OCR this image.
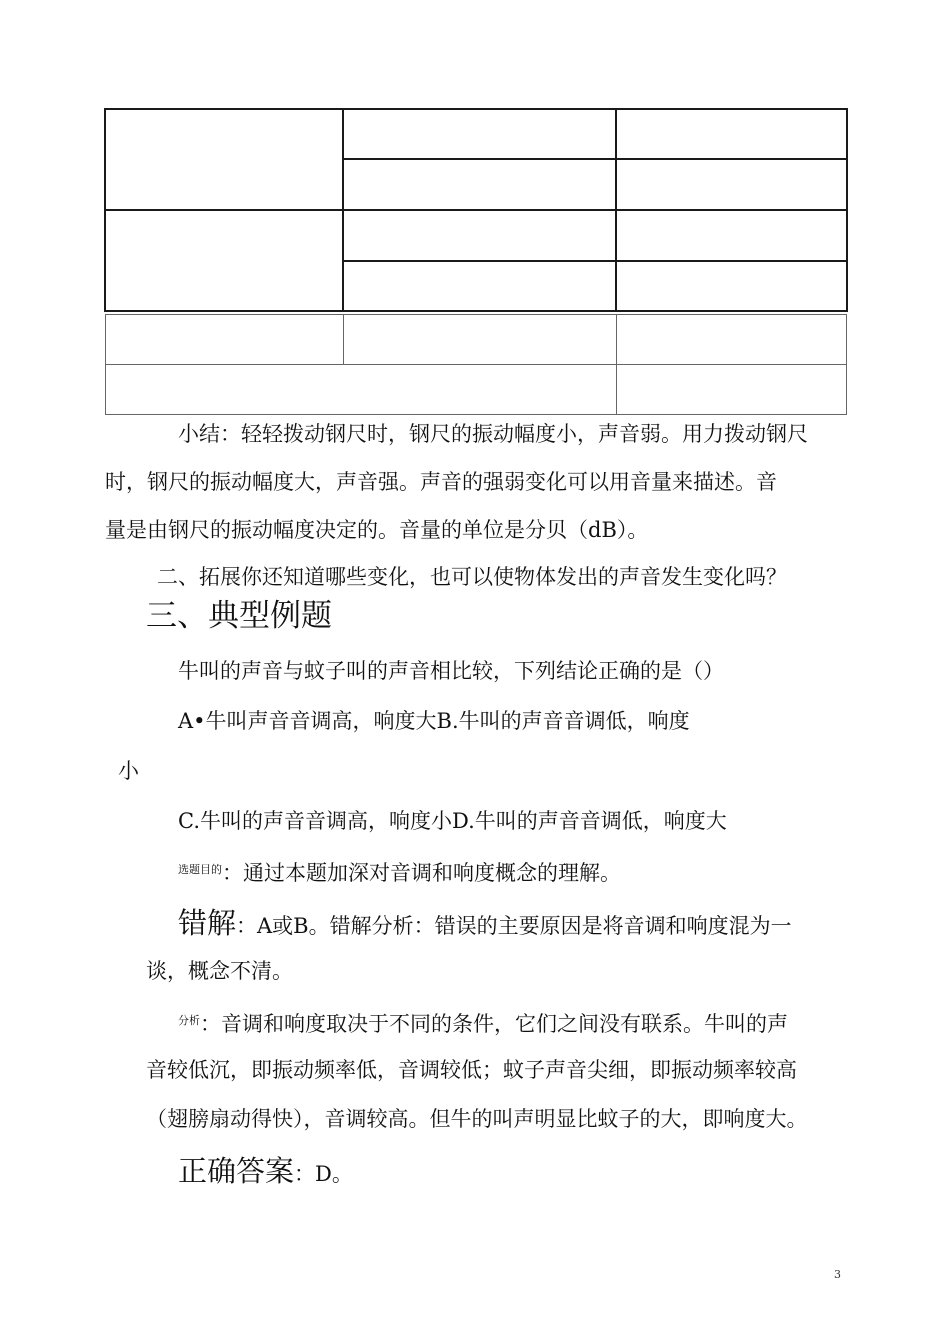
小结：轻轻拨动钢尺时，钢尺的振动幅度小，声音弱。用力拨动钢尺
时，钢尺的振动幅度大，声音强。声音的强弱变化可以用音量来描述。音
量是由钢尺的振动幅度决定的。音量的单位是分贝（dB）。
二、拓展你还知道哪些变化，也可以使物体发出的声音发生变化吗？
三、典型例题
牛叫的声音与蚊子叫的声音相比较，下列结论正确的是（）
A•牛叫声音音调高，响度大B.牛叫的声音音调低，响度
小
C.牛叫的声音音调高，响度小D.牛叫的声音音调低，响度大
$^{选题目的}$：通过本题加深对音调和响度概念的理解。
错解：A或B。错解分析：错误的主要原因是将音调和响度混为一
谈，概念不清。
$^{分析}$：音调和响度取决于不同的条件，它们之间没有联系。牛叫的声
音较低沉，即振动频率低，音调较低；蚊子声音尖细，即振动频率较高
（翅膀扇动得快），音调较高。但牛的叫声明显比蚊子的大，即响度大。
正确答案：D。
3
